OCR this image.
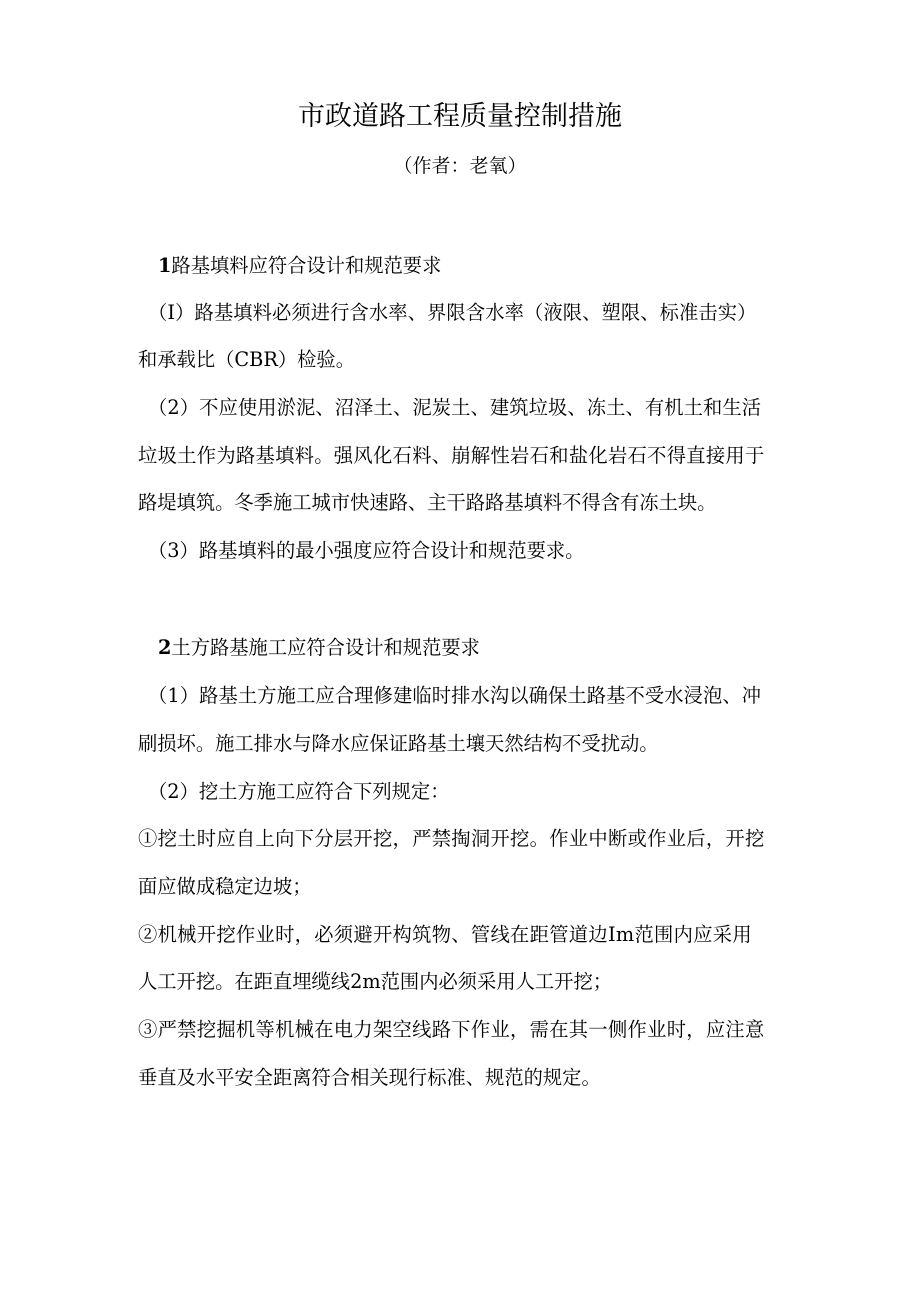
市政道路工程质量控制措施
（作者：老氧）
1路基填料应符合设计和规范要求
（I）路基填料必须进行含水率、界限含水率（液限、塑限、标准击实）
和承载比（CBR）检验。
（2）不应使用淤泥、沼泽土、泥炭土、建筑垃圾、冻土、有机土和生活
垃圾土作为路基填料。强风化石料、崩解性岩石和盐化岩石不得直接用于
路堤填筑。冬季施工城市快速路、主干路路基填料不得含有冻土块。
（3）路基填料的最小强度应符合设计和规范要求。
2土方路基施工应符合设计和规范要求
（1）路基土方施工应合理修建临时排水沟以确保土路基不受水浸泡、冲
刷损坏。施工排水与降水应保证路基土壤天然结构不受扰动。
（2）挖土方施工应符合下列规定：
①挖土时应自上向下分层开挖，严禁掏洞开挖。作业中断或作业后，开挖
面应做成稳定边坡；
②机械开挖作业时，必须避开构筑物、管线在距管道边Im范围内应采用
人工开挖。在距直埋缆线2m范围内必须采用人工开挖；
③严禁挖掘机等机械在电力架空线路下作业，需在其一侧作业时，应注意
垂直及水平安全距离符合相关现行标准、规范的规定。
